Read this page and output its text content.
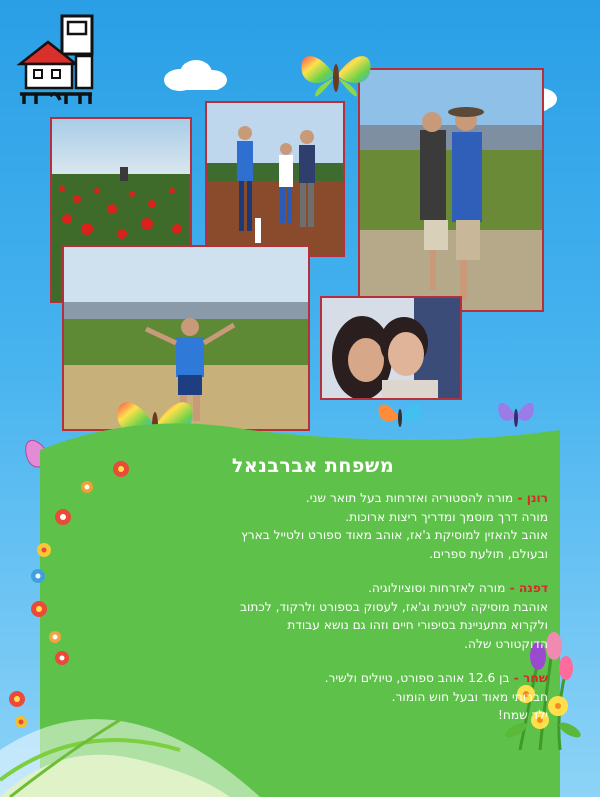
משפחת אברבנאל
רונן - מורה להסטוריה ואזרחות בעל תואר שני.
מורה דרך מוסמך ומדריך ריצות ארוכות.
אוהב להאזין למוסיקת ג'אז, אוהב מאוד ספורט ולטייל בארץ
ובעולם, תולעת ספרים.
דפנה - מורה לאזרחות וסוציולוגיה.
אוהבת מוסיקה לטינית וג'אז, לעסוק בספורט ולרקוד, לכתוב
ולקרוא מתעניינת בסיפורי חיים וזהו גם נושא עבודת
הדוקטורט שלה.
שחר - בן 12.6 אוהב ספורט, טיולים ולשיר.
חברותי מאוד ובעל חוש הומור.
ילד שמח!
